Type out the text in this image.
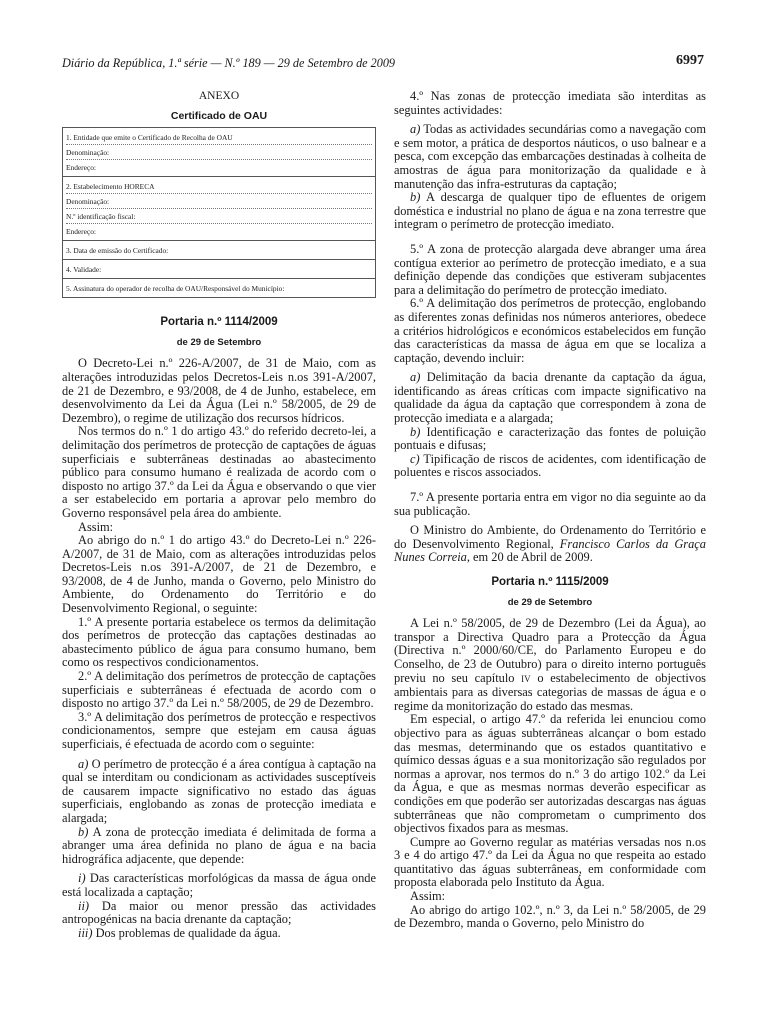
Diário da República, 1.ª série — N.º 189 — 29 de Setembro de 2009	6997
ANEXO
Certificado de OAU
1. Entidade que emite o Certificado de Recolha de OAU
Denominação:
Endereço:

2. Estabelecimento HORECA
Denominação:
N.º identificação fiscal:
Endereço:

3. Data de emissão do Certificado:

4. Validade:

5. Assinatura do operador de recolha de OAU/Responsável do Município:
Portaria n.º 1114/2009
de 29 de Setembro

O Decreto-Lei n.º 226-A/2007, de 31 de Maio, com as alterações introduzidas pelos Decretos-Leis n.os 391-A/2007, de 21 de Dezembro, e 93/2008, de 4 de Junho, estabelece, em desenvolvimento da Lei da Água (Lei n.º 58/2005, de 29 de Dezembro), o regime de utilização dos recursos hídricos.

Nos termos do n.º 1 do artigo 43.º do referido decreto-lei, a delimitação dos perímetros de protecção de captações de águas superficiais e subterrâneas destinadas ao abastecimento público para consumo humano é realizada de acordo com o disposto no artigo 37.º da Lei da Água e observando o que vier a ser estabelecido em portaria a aprovar pelo membro do Governo responsável pela área do ambiente.

Assim:

Ao abrigo do n.º 1 do artigo 43.º do Decreto-Lei n.º 226-A/2007, de 31 de Maio, com as alterações introduzidas pelos Decretos-Leis n.os 391-A/2007, de 21 de Dezembro, e 93/2008, de 4 de Junho, manda o Governo, pelo Ministro do Ambiente, do Ordenamento do Território e do Desenvolvimento Regional, o seguinte:

1.º A presente portaria estabelece os termos da delimitação dos perímetros de protecção das captações destinadas ao abastecimento público de água para consumo humano, bem como os respectivos condicionamentos.

2.º A delimitação dos perímetros de protecção de captações superficiais e subterrâneas é efectuada de acordo com o disposto no artigo 37.º da Lei n.º 58/2005, de 29 de Dezembro.

3.º A delimitação dos perímetros de protecção e respectivos condicionamentos, sempre que estejam em causa águas superficiais, é efectuada de acordo com o seguinte:

a) O perímetro de protecção é a área contígua à captação na qual se interditam ou condicionam as actividades susceptíveis de causarem impacte significativo no estado das águas superficiais, englobando as zonas de protecção imediata e alargada;

b) A zona de protecção imediata é delimitada de forma a abranger uma área definida no plano de água e na bacia hidrográfica adjacente, que depende:

i) Das características morfológicas da massa de água onde está localizada a captação;

ii) Da maior ou menor pressão das actividades antropogénicas na bacia drenante da captação;

iii) Dos problemas de qualidade da água.

4.º Nas zonas de protecção imediata são interditas as seguintes actividades:

a) Todas as actividades secundárias como a navegação com e sem motor, a prática de desportos náuticos, o uso balnear e a pesca, com excepção das embarcações destinadas à colheita de amostras de água para monitorização da qualidade e à manutenção das infra-estruturas da captação;

b) A descarga de qualquer tipo de efluentes de origem doméstica e industrial no plano de água e na zona terrestre que integram o perímetro de protecção imediato.

5.º A zona de protecção alargada deve abranger uma área contígua exterior ao perímetro de protecção imediato, e a sua definição depende das condições que estiveram subjacentes para a delimitação do perímetro de protecção imediato.

6.º A delimitação dos perímetros de protecção, englobando as diferentes zonas definidas nos números anteriores, obedece a critérios hidrológicos e económicos estabelecidos em função das características da massa de água em que se localiza a captação, devendo incluir:

a) Delimitação da bacia drenante da captação da água, identificando as áreas críticas com impacte significativo na qualidade da água da captação que correspondem à zona de protecção imediata e a alargada;

b) Identificação e caracterização das fontes de poluição pontuais e difusas;

c) Tipificação de riscos de acidentes, com identificação de poluentes e riscos associados.

7.º A presente portaria entra em vigor no dia seguinte ao da sua publicação.

O Ministro do Ambiente, do Ordenamento do Território e do Desenvolvimento Regional, Francisco Carlos da Graça Nunes Correia, em 20 de Abril de 2009.

Portaria n.º 1115/2009
de 29 de Setembro

A Lei n.º 58/2005, de 29 de Dezembro (Lei da Água), ao transpor a Directiva Quadro para a Protecção da Água (Directiva n.º 2000/60/CE, do Parlamento Europeu e do Conselho, de 23 de Outubro) para o direito interno português previu no seu capítulo IV o estabelecimento de objectivos ambientais para as diversas categorias de massas de água e o regime da monitorização do estado das mesmas.

Em especial, o artigo 47.º da referida lei enunciou como objectivo para as águas subterrâneas alcançar o bom estado das mesmas, determinando que os estados quantitativo e químico dessas águas e a sua monitorização são regulados por normas a aprovar, nos termos do n.º 3 do artigo 102.º da Lei da Água, e que as mesmas normas deverão especificar as condições em que poderão ser autorizadas descargas nas águas subterrâneas que não comprometam o cumprimento dos objectivos fixados para as mesmas.

Cumpre ao Governo regular as matérias versadas nos n.os 3 e 4 do artigo 47.º da Lei da Água no que respeita ao estado quantitativo das águas subterrâneas, em conformidade com proposta elaborada pelo Instituto da Água.

Assim:

Ao abrigo do artigo 102.º, n.º 3, da Lei n.º 58/2005, de 29 de Dezembro, manda o Governo, pelo Ministro do
